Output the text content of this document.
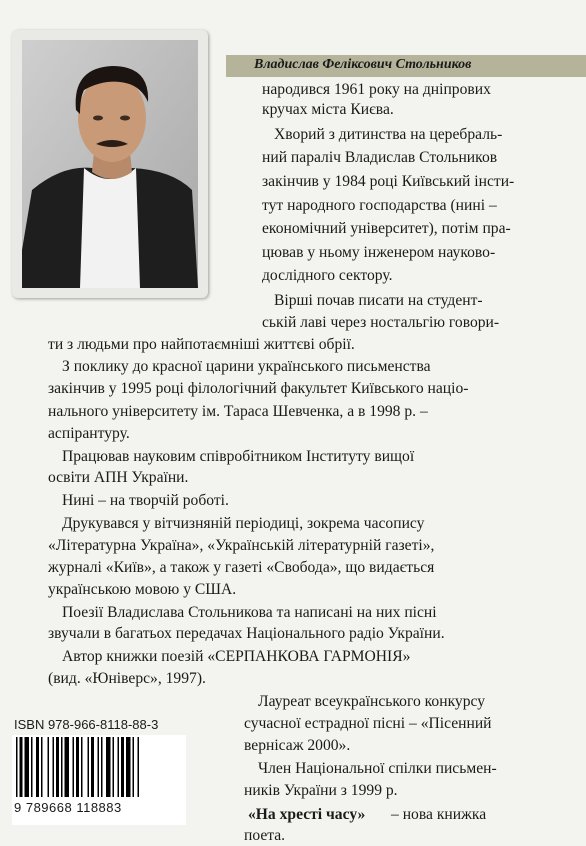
Владислав Феліксович Стольников
народився 1961 року на дніпрових
кручах міста Києва.
Хворий з дитинства на церебраль-
ний параліч Владислав Стольников
закінчив у 1984 році Київський інсти-
тут народного господарства (нині –
економічний університет), потім пра-
цював у ньому інженером науково-
дослідного сектору.
Вірші почав писати на студент-
ській лаві через ностальгію говори-
ти з людьми про найпотаємніші життєві обрії.
З поклику до красної царини українського письменства
закінчив у 1995 році філологічний факультет Київського націо-
нального університету ім. Тараса Шевченка, а в 1998 р. –
аспірантуру.
Працював науковим співробітником Інституту вищої
освіти АПН України.
Нині – на творчій роботі.
Друкувався у вітчизняній періодиці, зокрема часопису
«Літературна Україна», «Українській літературній газеті»,
журналі «Київ», а також у газеті «Свобода», що видається
українською мовою у США.
Поезії Владислава Стольникова та написані на них пісні
звучали в багатьох передачах Національного радіо України.
Автор книжки поезій «СЕРПАНКОВА ГАРМОНІЯ»
(вид. «Юніверс», 1997).
Лауреат всеукраїнського конкурсу
сучасної естрадної пісні – «Пісенний
вернісаж 2000».
Член Національної спілки письмен-
ників України з 1999 р.
– нова книжка
поета.
«На хресті часу»
ISBN 978-966-8118-88-3
9 789668 118883
